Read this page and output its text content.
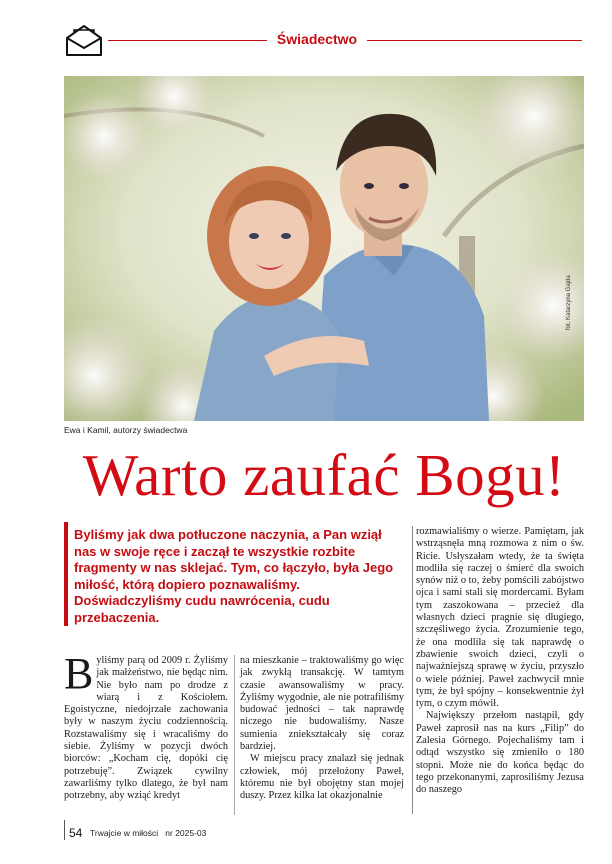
Świadectwo
fot. Katarzyna Gajda
Ewa i Kamil, autorzy świadectwa
Warto zaufać Bogu!
Byliśmy jak dwa potłuczone naczynia, a Pan wziął nas w swoje ręce i zaczął te wszystkie rozbite fragmenty w nas sklejać. Tym, co łączyło, była Jego miłość, którą dopiero poznawaliśmy. Doświadczyliśmy cudu nawrócenia, cudu przebaczenia.
B yliśmy parą od 2009 r. Żyliśmy jak małżeństwo, nie będąc nim. Nie było nam po drodze z wiarą i z Kościołem. Egoistyczne, niedojrzałe zachowania były w naszym życiu codziennością. Rozstawaliśmy się i wracaliśmy do siebie. Żyliśmy w pozycji dwóch biorców: „Kocham cię, dopóki cię potrzebuję”. Związek cywilny zawarliśmy tylko dlatego, że był nam potrzebny, aby wziąć kredyt

na mieszkanie – traktowaliśmy go więc jak zwykłą transakcję. W tamtym czasie awansowaliśmy w pracy. Żyliśmy wygodnie, ale nie potrafiliśmy budować jedności – tak naprawdę niczego nie budowaliśmy. Nasze sumienia zniekształcały się coraz bardziej.

W miejscu pracy znalazł się jednak człowiek, mój przełożony Paweł, któremu nie był obojętny stan mojej duszy. Przez kilka lat okazjonalnie

rozmawialiśmy o wierze. Pamiętam, jak wstrząsnęła mną rozmowa z nim o św. Ricie. Usłyszałam wtedy, że ta święta modliła się raczej o śmierć dla swoich synów niż o to, żeby pomścili zabójstwo ojca i sami stali się mordercami. Byłam tym zaszokowana – przecież dla własnych dzieci pragnie się długiego, szczęśliwego życia. Zrozumienie tego, że ona modliła się tak naprawdę o zbawienie swoich dzieci, czyli o najważniejszą sprawę w życiu, przyszło o wiele później. Paweł zachwycił mnie tym, że był spójny – konsekwentnie żył tym, o czym mówił.

Największy przełom nastąpił, gdy Paweł zaprosił nas na kurs „Filip” do Zalesia Górnego. Pojechaliśmy tam i odtąd wszystko się zmieniło o 180 stopni. Może nie do końca będąc do tego przekonanymi, zaprosiliśmy Jezusa do naszego

54 Trwajcie w miłości   nr 2025-03
